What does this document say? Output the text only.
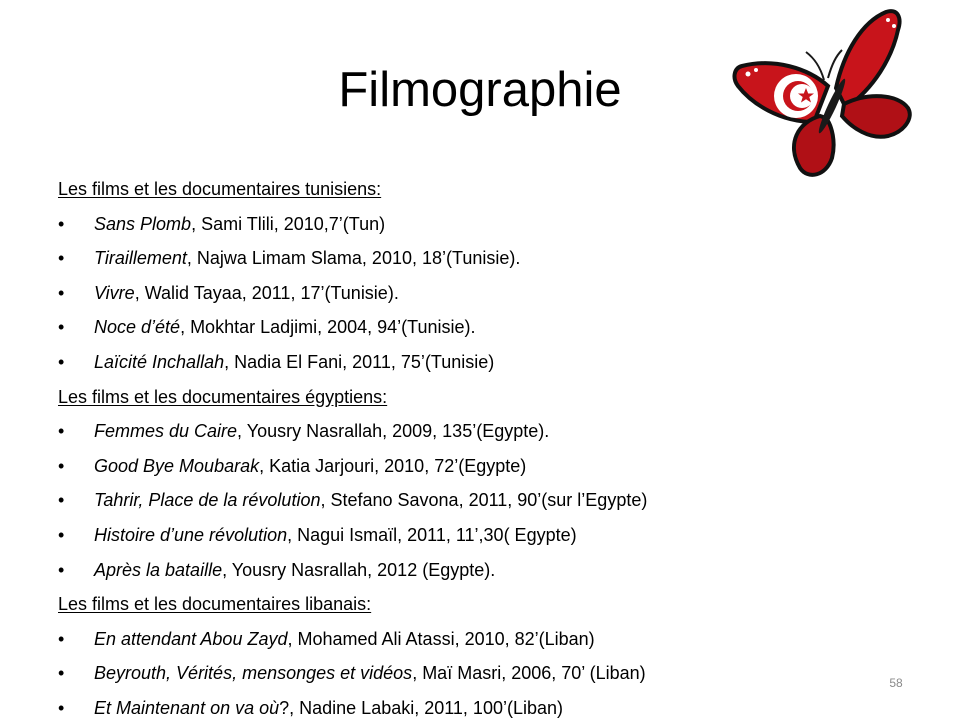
Filmographie
Les films et les documentaires tunisiens:
•	Sans Plomb, Sami Tlili, 2010,7’(Tun)
•	Tiraillement, Najwa Limam Slama, 2010, 18’(Tunisie).
•	Vivre, Walid Tayaa, 2011, 17’(Tunisie).
•	Noce d’été, Mokhtar Ladjimi, 2004, 94’(Tunisie).
•	Laïcité Inchallah, Nadia El Fani, 2011, 75’(Tunisie)
Les films et les documentaires égyptiens:
•	Femmes du Caire, Yousry Nasrallah, 2009, 135’(Egypte).
•	Good Bye Moubarak, Katia Jarjouri, 2010, 72’(Egypte)
•	Tahrir, Place de la révolution, Stefano Savona, 2011, 90’(sur l’Egypte)
•	Histoire d’une révolution, Nagui Ismaïl, 2011, 11’,30( Egypte)
•	Après la bataille, Yousry Nasrallah, 2012 (Egypte).
Les films et les documentaires libanais:
•	En attendant Abou Zayd, Mohamed Ali Atassi, 2010, 82’(Liban)
•	Beyrouth, Vérités, mensonges et vidéos, Maï Masri, 2006, 70’ (Liban)
•	Et Maintenant on va où?, Nadine Labaki, 2011, 100’(Liban)
58
